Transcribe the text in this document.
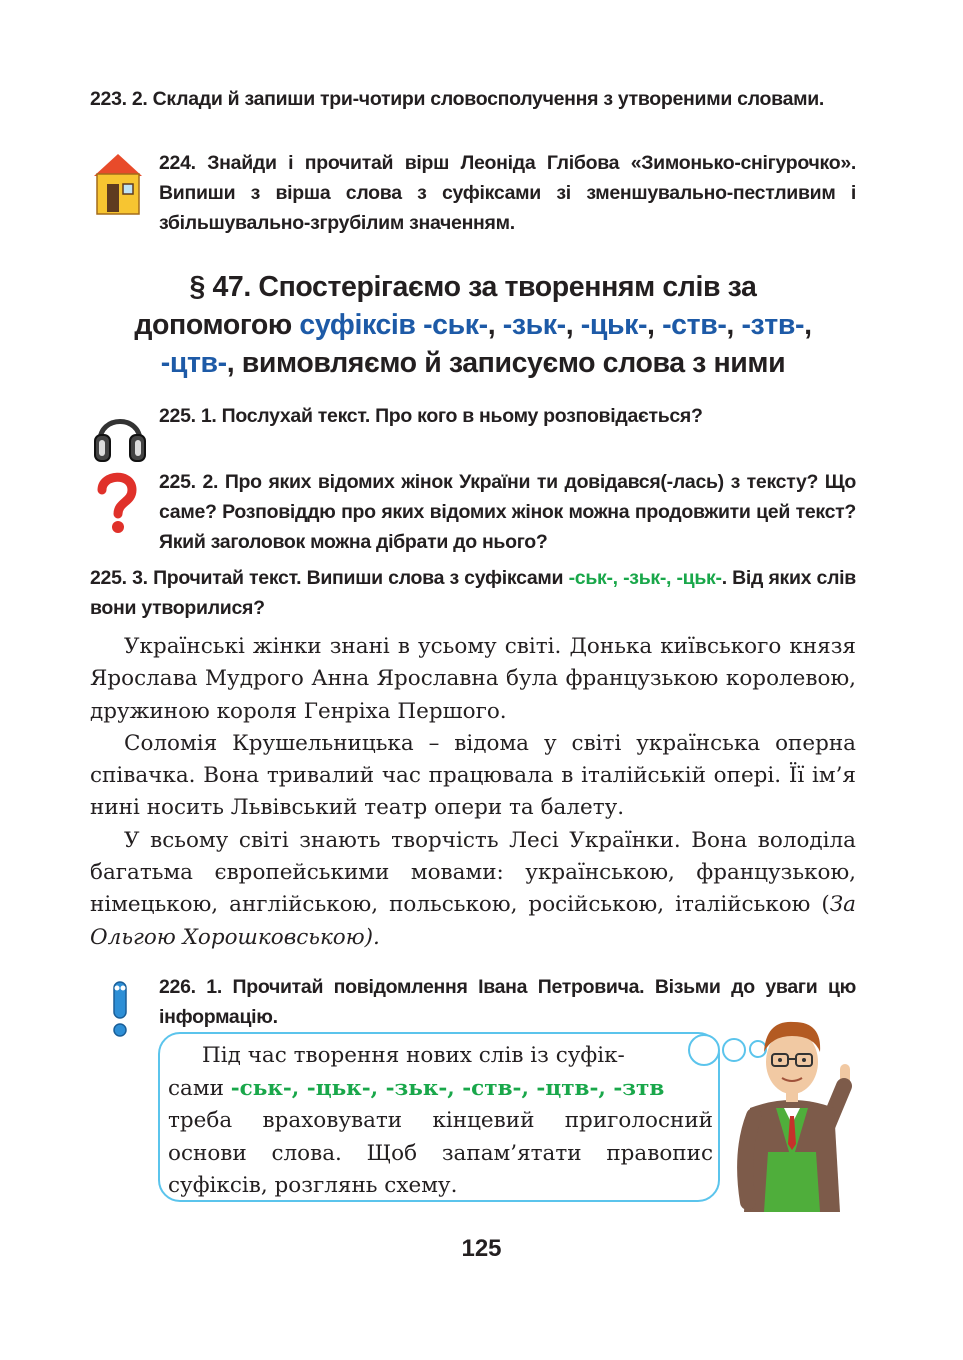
223. 2. Склади й запиши три-чотири словосполучення з утвореними словами.
224. Знайди і прочитай вірш Леоніда Глібова «Зимонько-снігурочко». Випиши з вірша слова з суфіксами зі зменшувально-пестливим і збільшувально-згрубілим значенням.
§ 47. Спостерігаємо за творенням слів за
допомогою суфіксів -ськ-, -зьк-, -цьк-, -ств-, -зтв-,
-цтв-, вимовляємо й записуємо слова з ними
225. 1. Послухай текст. Про кого в ньому розповідається?
225. 2. Про яких відомих жінок України ти довідався(-лась) з тексту? Що саме? Розповіддю про яких відомих жінок можна продовжити цей текст? Який заголовок можна дібрати до нього?
225. 3. Прочитай текст. Випиши слова з суфіксами -ськ-, -зьк-, -цьк-. Від яких слів вони утворилися?

Українські жінки знані в усьому світі. Донька київського князя Ярослава Мудрого Анна Ярославна була французькою королевою, дружиною короля Генріха Першого.

Соломія Крушельницька – відома у світі українська оперна співачка. Вона тривалий час працювала в італійській опері. Її ім’я нині носить Львівський театр опери та балету.

У всьому світі знають творчість Лесі Українки. Вона володіла багатьма європейськими мовами: українською, французькою, німецькою, англійською, польською, російською, італійською (За Ольгою Хорошковською).

226. 1. Прочитай повідомлення Івана Петровича. Візьми до уваги цю інформацію.

Під час творення нових слів із суфік-

сами -ськ-, -цьк-, -зьк-, -ств-, -цтв-, -зтв
треба враховувати кінцевий приголосний основи слова. Щоб запам’ятати правопис суфіксів, розглянь схему.
125
